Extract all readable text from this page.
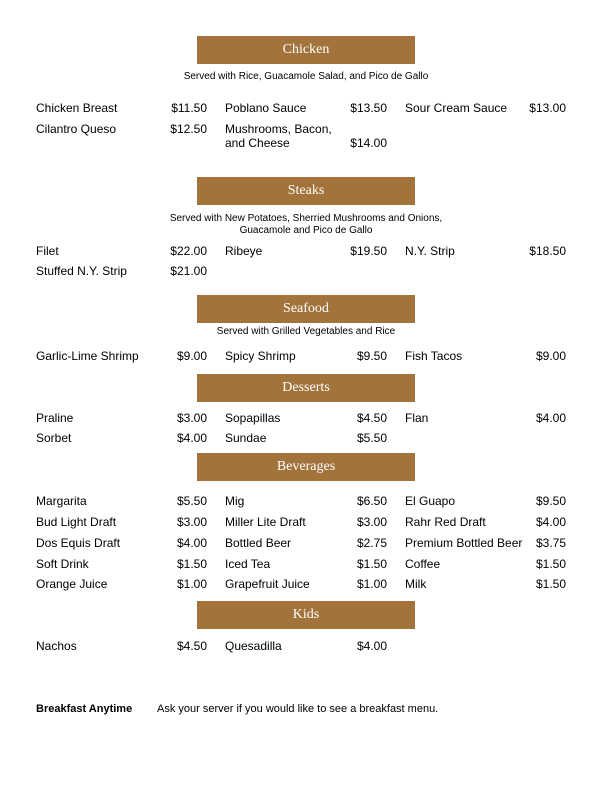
Chicken
Served with Rice, Guacamole Salad, and Pico de Gallo
Chicken Breast	$11.50 Poblano Sauce	$13.50 Sour Cream Sauce	$13.00
Cilantro Queso	$12.50 Mushrooms, Bacon,
and Cheese	$14.00
Steaks
Served with New Potatoes, Sherried Mushrooms and Onions,
Guacamole and Pico de Gallo
Filet	$22.00 Ribeye	$19.50 N.Y. Strip	$18.50
Stuffed N.Y. Strip	$21.00
Seafood
Served with Grilled Vegetables and Rice
Garlic-Lime Shrimp	$9.00 Spicy Shrimp	$9.50 Fish Tacos	$9.00
Desserts
Praline	$3.00 Sopapillas	$4.50 Flan	$4.00
Sorbet	$4.00 Sundae	$5.50
Beverages
Margarita	$5.50 Mig	$6.50 El Guapo	$9.50
Bud Light Draft	$3.00 Miller Lite Draft	$3.00 Rahr Red Draft	$4.00
Dos Equis Draft	$4.00 Bottled Beer	$2.75 Premium Bottled Beer	$3.75
Soft Drink	$1.50 Iced Tea	$1.50 Coffee	$1.50
Orange Juice	$1.00 Grapefruit Juice	$1.00 Milk	$1.50
Kids
Nachos	$4.50 Quesadilla	$4.00
Breakfast Anytime Ask your server if you would like to see a breakfast menu.
